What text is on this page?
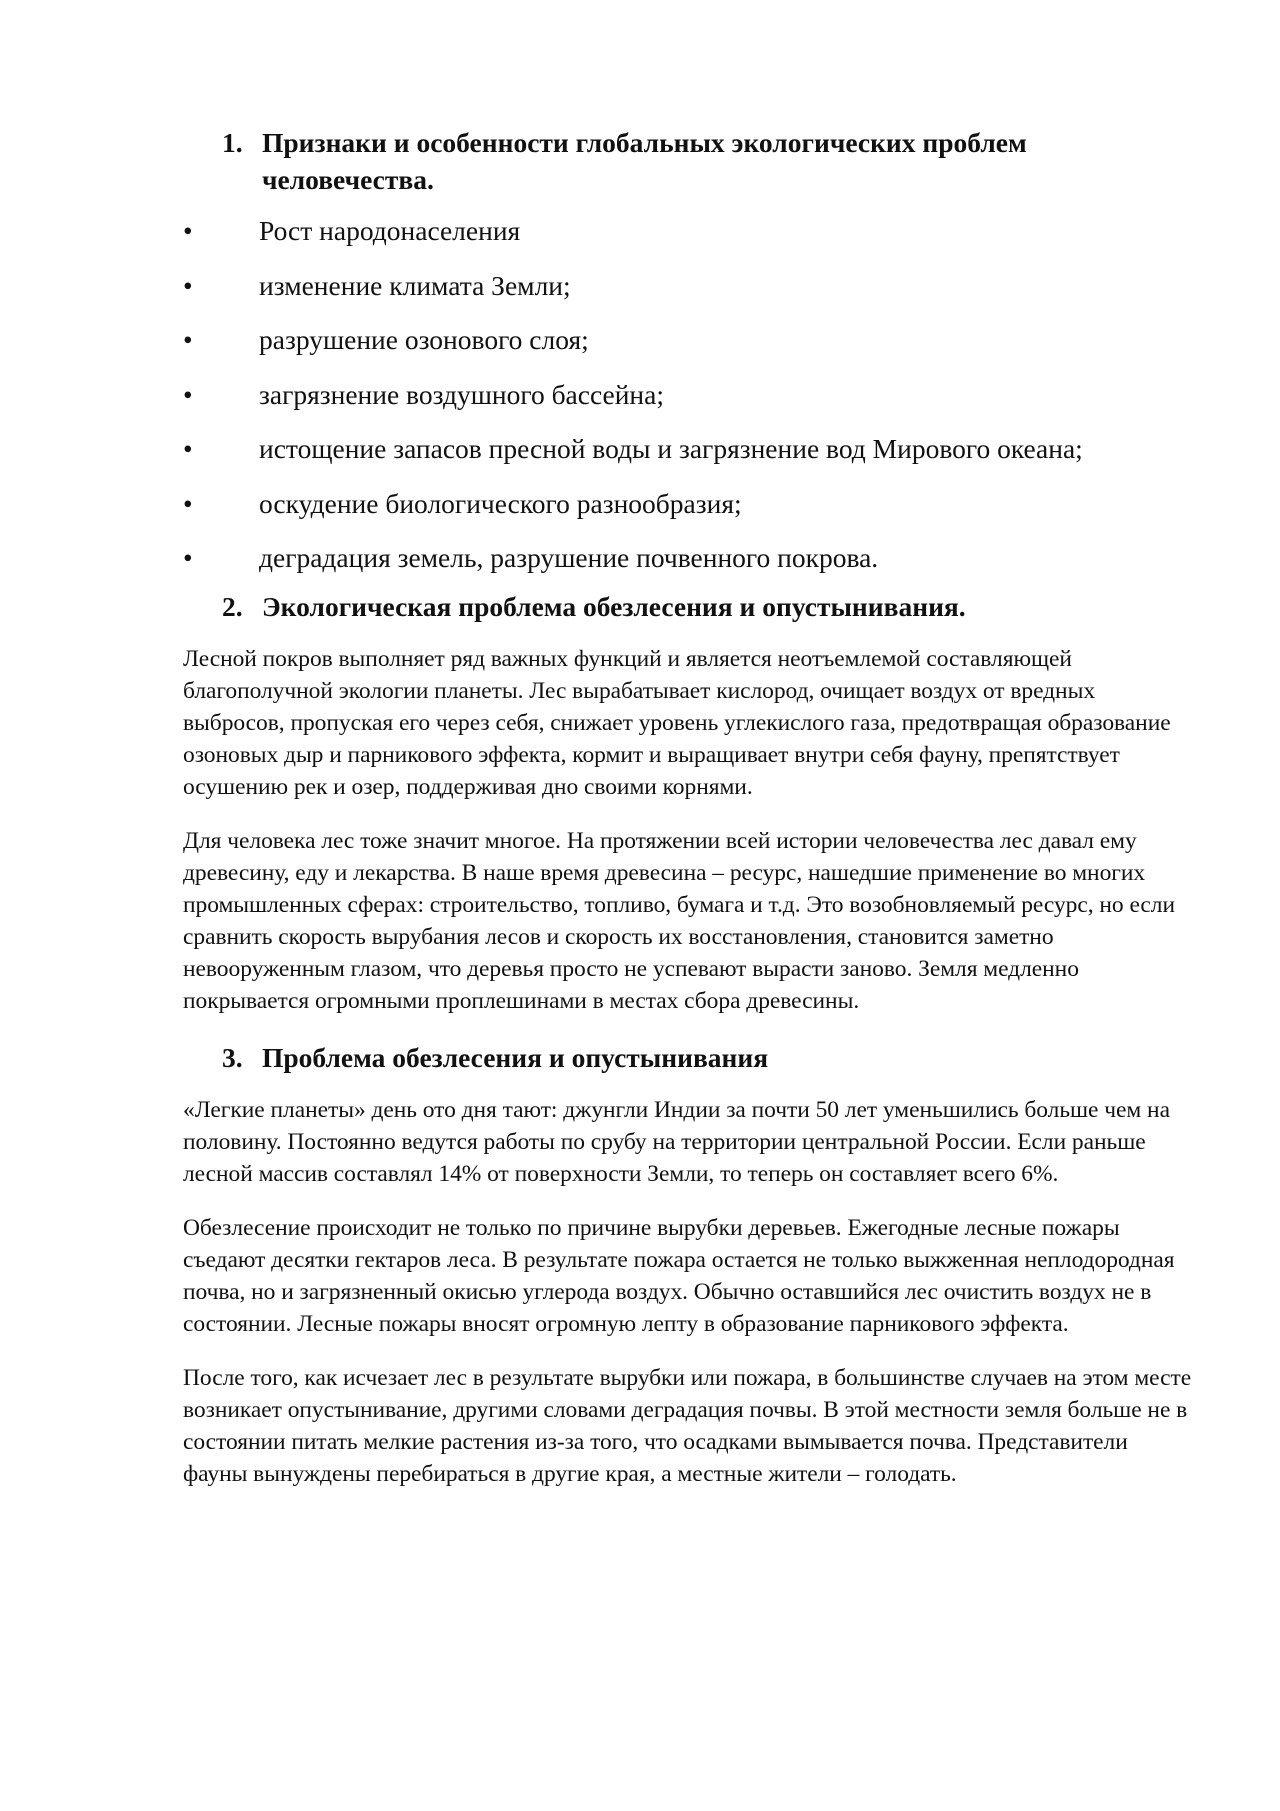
1. Признаки и особенности глобальных экологических проблем человечества.
•	Рост народонаселения
•	изменение климата Земли;
•	разрушение озонового слоя;
•	загрязнение воздушного бассейна;
•	истощение запасов пресной воды и загрязнение вод Мирового океана;
•	оскудение биологического разнообразия;
•	деградация земель, разрушение почвенного покрова.
2. Экологическая проблема обезлесения и опустынивания.

Лесной покров выполняет ряд важных функций и является неотъемлемой составляющей благополучной экологии планеты. Лес вырабатывает кислород, очищает воздух от вредных выбросов, пропуская его через себя, снижает уровень углекислого газа, предотвращая образование озоновых дыр и парникового эффекта, кормит и выращивает внутри себя фауну, препятствует осушению рек и озер, поддерживая дно своими корнями.

Для человека лес тоже значит многое. На протяжении всей истории человечества лес давал ему древесину, еду и лекарства. В наше время древесина – ресурс, нашедшие применение во многих промышленных сферах: строительство, топливо, бумага и т.д. Это возобновляемый ресурс, но если сравнить скорость вырубания лесов и скорость их восстановления, становится заметно невооруженным глазом, что деревья просто не успевают вырасти заново. Земля медленно покрывается огромными проплешинами в местах сбора древесины.

3. Проблема обезлесения и опустынивания

«Легкие планеты» день ото дня тают: джунгли Индии за почти 50 лет уменьшились больше чем на половину. Постоянно ведутся работы по срубу на территории центральной России. Если раньше лесной массив составлял 14% от поверхности Земли, то теперь он составляет всего 6%.

Обезлесение происходит не только по причине вырубки деревьев. Ежегодные лесные пожары съедают десятки гектаров леса. В результате пожара остается не только выжженная неплодородная почва, но и загрязненный окисью углерода воздух. Обычно оставшийся лес очистить воздух не в состоянии. Лесные пожары вносят огромную лепту в образование парникового эффекта.

После того, как исчезает лес в результате вырубки или пожара, в большинстве случаев на этом месте возникает опустынивание, другими словами деградация почвы. В этой местности земля больше не в состоянии питать мелкие растения из-за того, что осадками вымывается почва. Представители фауны вынуждены перебираться в другие края, а местные жители – голодать.
